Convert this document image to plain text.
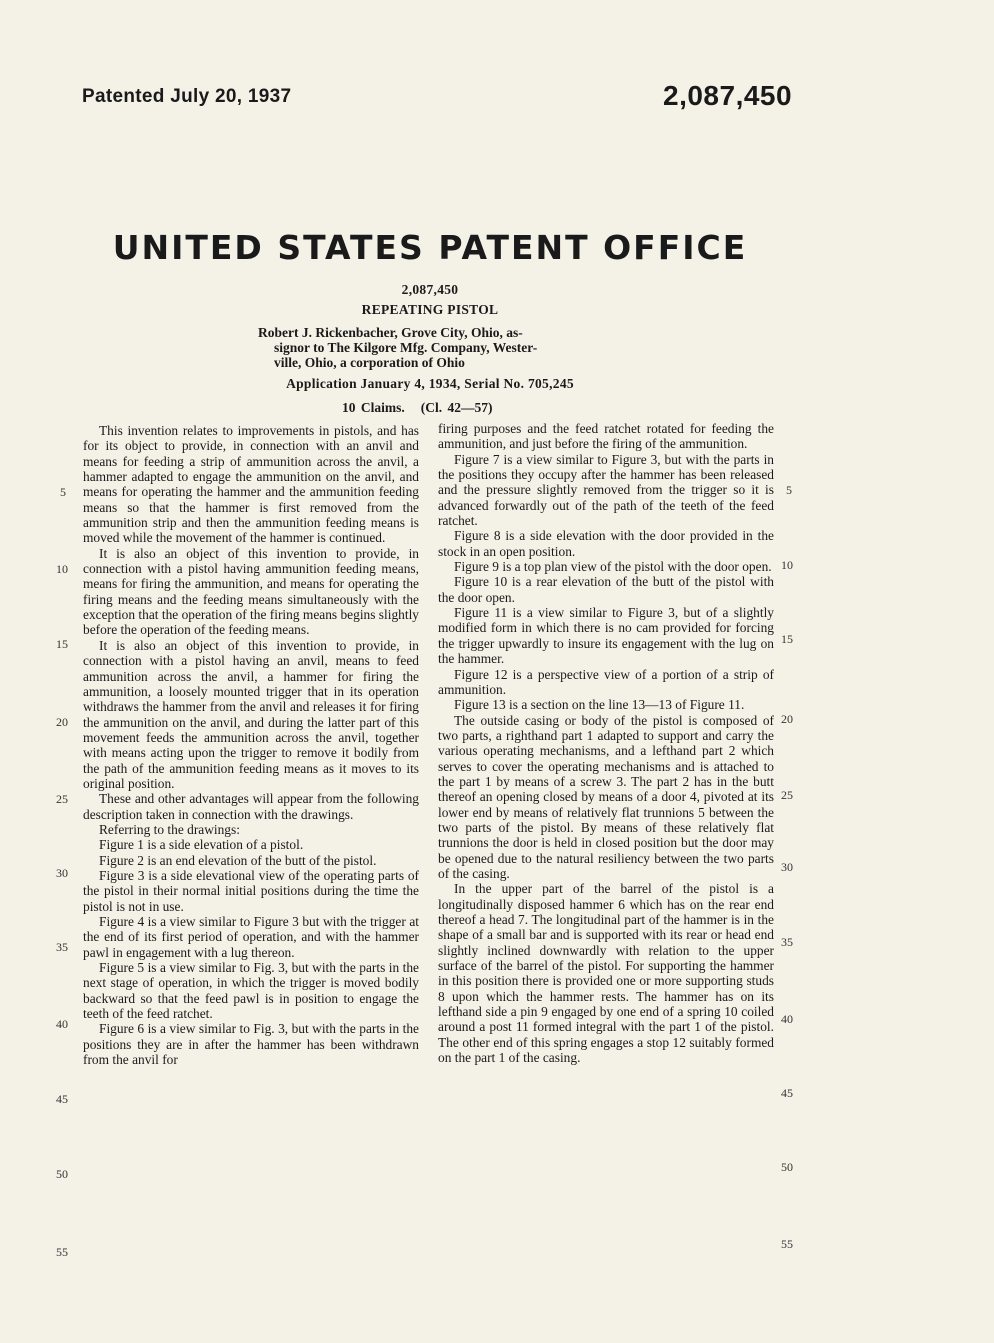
Patented July 20, 1937	2,087,450
UNITED STATES PATENT OFFICE
2,087,450
REPEATING PISTOL
Robert J. Rickenbacher, Grove City, Ohio, as-
signor to The Kilgore Mfg. Company, Wester-
ville, Ohio, a corporation of Ohio
Application January 4, 1934, Serial No. 705,245
10 Claims. (Cl. 42—57)

This invention relates to improvements in pistols, and has for its object to provide, in connection with an anvil and means for feeding a strip of ammunition across the anvil, a hammer adapted to engage the ammunition on the anvil, and means for operating the hammer and the ammunition feeding means so that the hammer is first removed from the ammunition strip and then the ammunition feeding means is moved while the movement of the hammer is continued.

It is also an object of this invention to provide, in connection with a pistol having ammunition feeding means, means for firing the ammunition, and means for operating the firing means and the feeding means simultaneously with the exception that the operation of the firing means begins slightly before the operation of the feeding means.

It is also an object of this invention to provide, in connection with a pistol having an anvil, means to feed ammunition across the anvil, a hammer for firing the ammunition, a loosely mounted trigger that in its operation withdraws the hammer from the anvil and releases it for firing the ammunition on the anvil, and during the latter part of this movement feeds the ammunition across the anvil, together with means acting upon the trigger to remove it bodily from the path of the ammunition feeding means as it moves to its original position.

These and other advantages will appear from the following description taken in connection with the drawings.

Referring to the drawings:

Figure 1 is a side elevation of a pistol.

Figure 2 is an end elevation of the butt of the pistol.

Figure 3 is a side elevational view of the operating parts of the pistol in their normal initial positions during the time the pistol is not in use.

Figure 4 is a view similar to Figure 3 but with the trigger at the end of its first period of operation, and with the hammer pawl in engagement with a lug thereon.

Figure 5 is a view similar to Fig. 3, but with the parts in the next stage of operation, in which the trigger is moved bodily backward so that the feed pawl is in position to engage the teeth of the feed ratchet.

Figure 6 is a view similar to Fig. 3, but with the parts in the positions they are in after the hammer has been withdrawn from the anvil for

firing purposes and the feed ratchet rotated for feeding the ammunition, and just before the firing of the ammunition.

Figure 7 is a view similar to Figure 3, but with the parts in the positions they occupy after the hammer has been released and the pressure slightly removed from the trigger so it is advanced forwardly out of the path of the teeth of the feed ratchet.

Figure 8 is a side elevation with the door provided in the stock in an open position.

Figure 9 is a top plan view of the pistol with the door open.

Figure 10 is a rear elevation of the butt of the pistol with the door open.

Figure 11 is a view similar to Figure 3, but of a slightly modified form in which there is no cam provided for forcing the trigger upwardly to insure its engagement with the lug on the hammer.

Figure 12 is a perspective view of a portion of a strip of ammunition.

Figure 13 is a section on the line 13—13 of Figure 11.

The outside casing or body of the pistol is composed of two parts, a righthand part 1 adapted to support and carry the various operating mechanisms, and a lefthand part 2 which serves to cover the operating mechanisms and is attached to the part 1 by means of a screw 3. The part 2 has in the butt thereof an opening closed by means of a door 4, pivoted at its lower end by means of relatively flat trunnions 5 between the two parts of the pistol. By means of these relatively flat trunnions the door is held in closed position but the door may be opened due to the natural resiliency between the two parts of the casing.

In the upper part of the barrel of the pistol is a longitudinally disposed hammer 6 which has on the rear end thereof a head 7. The longitudinal part of the hammer is in the shape of a small bar and is supported with its rear or head end slightly inclined downwardly with relation to the upper surface of the barrel of the pistol. For supporting the hammer in this position there is provided one or more supporting studs 8 upon which the hammer rests. The hammer has on its lefthand side a pin 9 engaged by one end of a spring 10 coiled around a post 11 formed integral with the part 1 of the pistol. The other end of this spring engages a stop 12 suitably formed on the part 1 of the casing.

5
10
15
20
25
30
35
40
45
50
55
5
10
15
20
25
30
35
40
45
50
55
